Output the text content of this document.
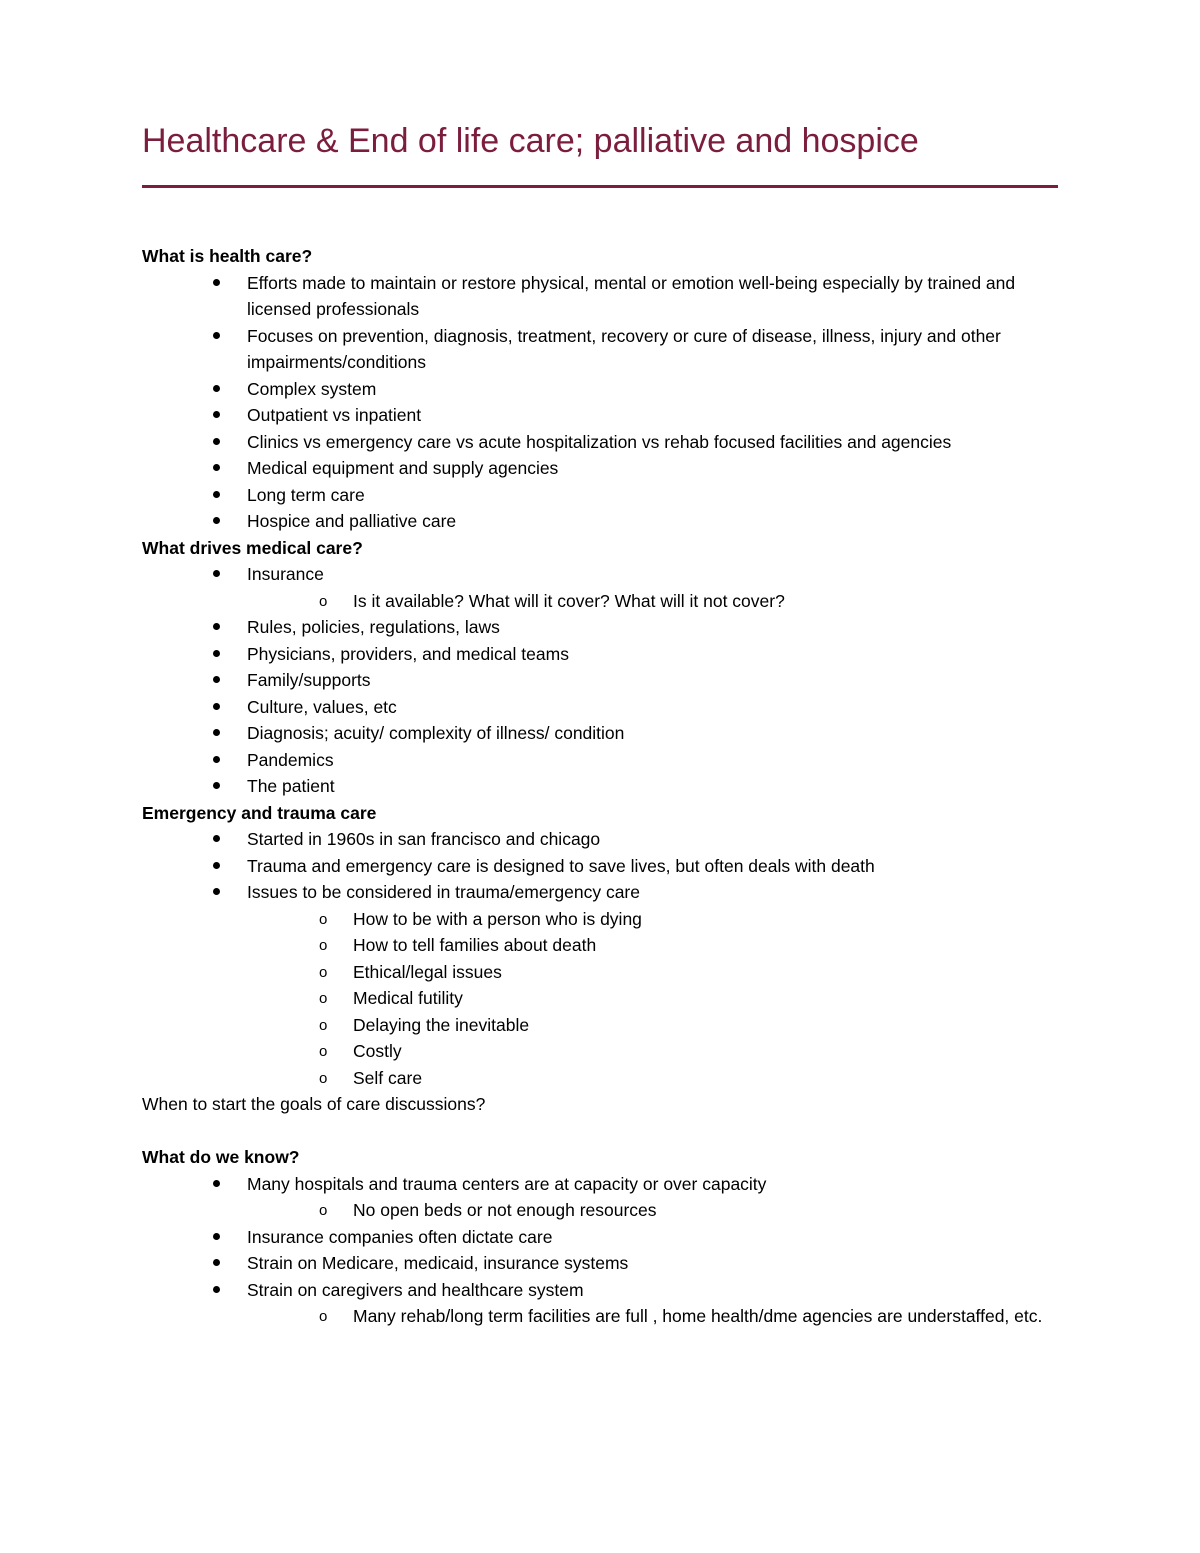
Healthcare & End of life care; palliative and hospice

What is health care?

Efforts made to maintain or restore physical, mental or emotion well-being especially by trained and licensed professionals
Focuses on prevention, diagnosis, treatment, recovery or cure of disease, illness, injury and other impairments/conditions
Complex system
Outpatient vs inpatient
Clinics vs emergency care vs acute hospitalization vs rehab focused facilities and agencies
Medical equipment and supply agencies
Long term care
Hospice and palliative care

What drives medical care?

Insurance
o Is it available? What will it cover? What will it not cover?
Rules, policies, regulations, laws
Physicians, providers, and medical teams
Family/supports
Culture, values, etc
Diagnosis; acuity/ complexity of illness/ condition
Pandemics
The patient

Emergency and trauma care

Started in 1960s in san francisco and chicago
Trauma and emergency care is designed to save lives, but often deals with death
Issues to be considered in trauma/emergency care
o How to be with a person who is dying
o How to tell families about death
o Ethical/legal issues
o Medical futility
o Delaying the inevitable
o Costly
o Self care

When to start the goals of care discussions?

What do we know?

Many hospitals and trauma centers are at capacity or over capacity
o No open beds or not enough resources
Insurance companies often dictate care
Strain on Medicare, medicaid, insurance systems
Strain on caregivers and healthcare system
o Many rehab/long term facilities are full , home health/dme agencies are understaffed, etc.
